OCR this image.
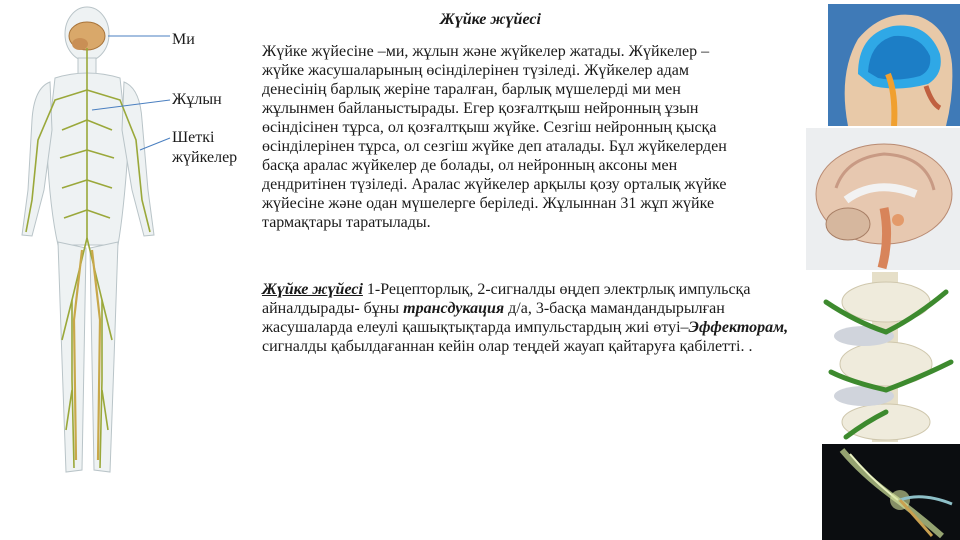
Ми
Жұлын
Шеткі
жүйкелер
Жүйке жүйесі
Жүйке жүйесіне –ми, жұлын және жүйкелер жатады. Жүйкелер –
жүйке жасушаларының өсінділерінен түзіледі. Жүйкелер адам
денесінің барлық жеріне таралған, барлық мүшелерді ми мен
жұлынмен байланыстырады. Егер қозғалтқыш нейронның ұзын
өсіндісінен тұрса, ол қозғалтқыш жүйке. Сезгіш нейронның қысқа
өсінділерінен тұрса, ол сезгіш жүйке деп аталады. Бұл жүйкелерден
басқа аралас жүйкелер де болады, ол нейронның аксоны мен
дендритінен түзіледі. Аралас жүйкелер арқылы қозу орталық жүйке
жүйесіне және одан мүшелерге беріледі. Жұлыннан 31 жұп жүйке
тармақтары таратылады.
Жүйке жүйесі 1-Рецепторлық, 2-сигналды өңдеп электрлық импульсқа айналдырады- бұны трансдукация д/а, 3-басқа мамандандырылған жасушаларда елеулі қашықтықтарда импульстардың жиі өтуі–Эффекторам, сигналды қабылдағаннан кейін олар теңдей жауап қайтаруға қабілетті. .
